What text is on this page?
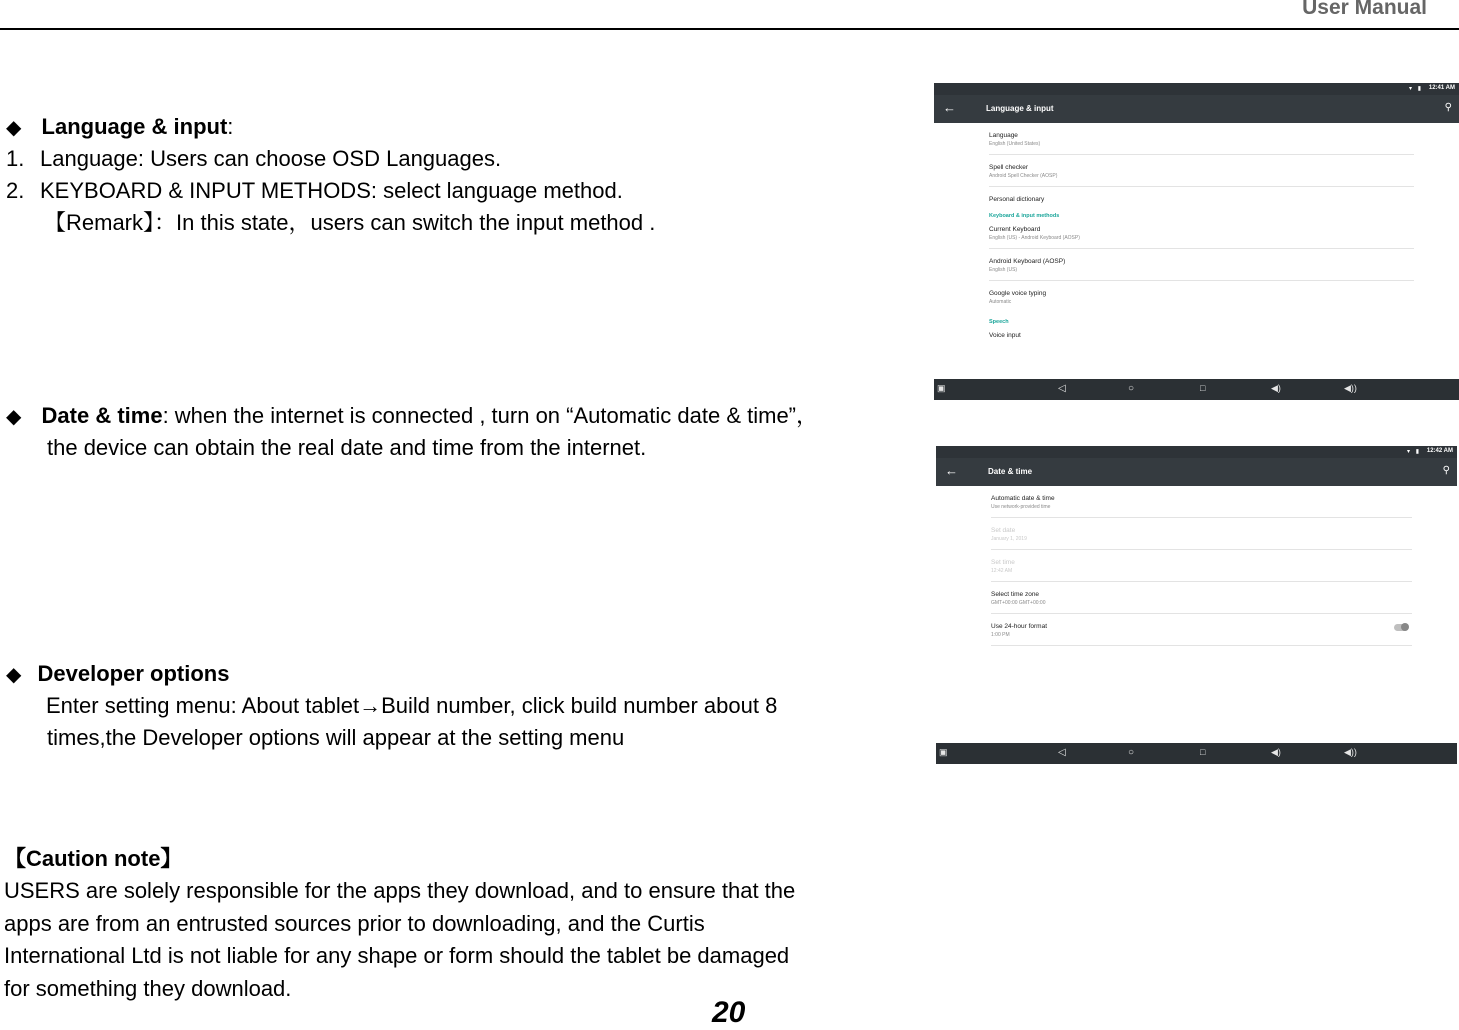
User Manual
◆ Language & input:
1. Language: Users can choose OSD Languages.
2. KEYBOARD & INPUT METHODS: select language method.
【Remark】：In this state，users can switch the input method .
◆ Date & time: when the internet is connected , turn on “Automatic date & time”，
the device can obtain the real date and time from the internet.
◆ Developer options
Enter setting menu: About tablet→Build number, click build number about 8
times,the Developer options will appear at the setting menu
【Caution note】
USERS are solely responsible for the apps they download, and to ensure that the
apps are from an entrusted sources prior to downloading, and the Curtis
International Ltd is not liable for any shape or form should the tablet be damaged
for something they download.
20
▾ ▮ 12:41 AM
←	Language & input	⚲
Language
English (United States)
Spell checker
Android Spell Checker (AOSP)
Personal dictionary
Keyboard & input methods
Current Keyboard
English (US) - Android Keyboard (AOSP)
Android Keyboard (AOSP)
English (US)
Google voice typing
Automatic
Speech
Voice input
▣	◁	○	□	◀)	◀))
▾ ▮ 12:42 AM
←	Date & time	⚲
Automatic date & time
Use network-provided time
Set date
January 1, 2019
Set time
12:42 AM
Select time zone
GMT+00:00 GMT+00:00
Use 24-hour format
1:00 PM
▣	◁	○	□	◀)	◀))
